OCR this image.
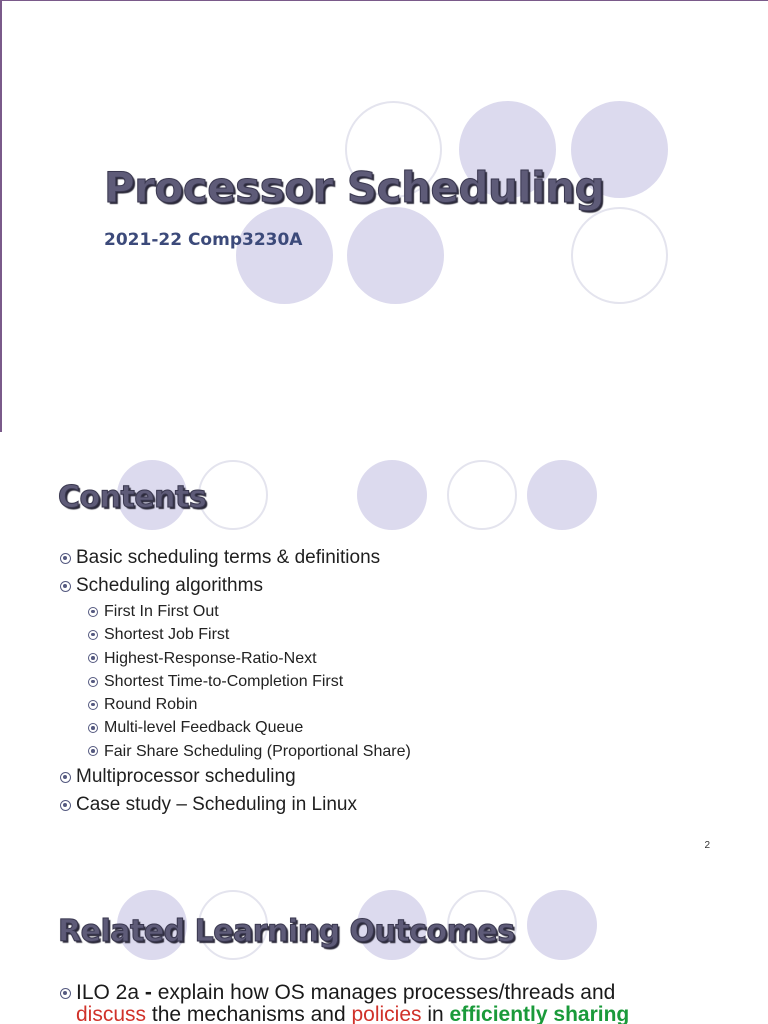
Processor Scheduling
2021-22 Comp3230A
Contents
Basic scheduling terms & definitions
Scheduling algorithms
First In First Out
Shortest Job First
Highest-Response-Ratio-Next
Shortest Time-to-Completion First
Round Robin
Multi-level Feedback Queue
Fair Share Scheduling (Proportional Share)
Multiprocessor scheduling
Case study – Scheduling in Linux
2
Related Learning Outcomes
ILO 2a - explain how OS manages processes/threads and
discuss the mechanisms and policies in efficiently sharing
